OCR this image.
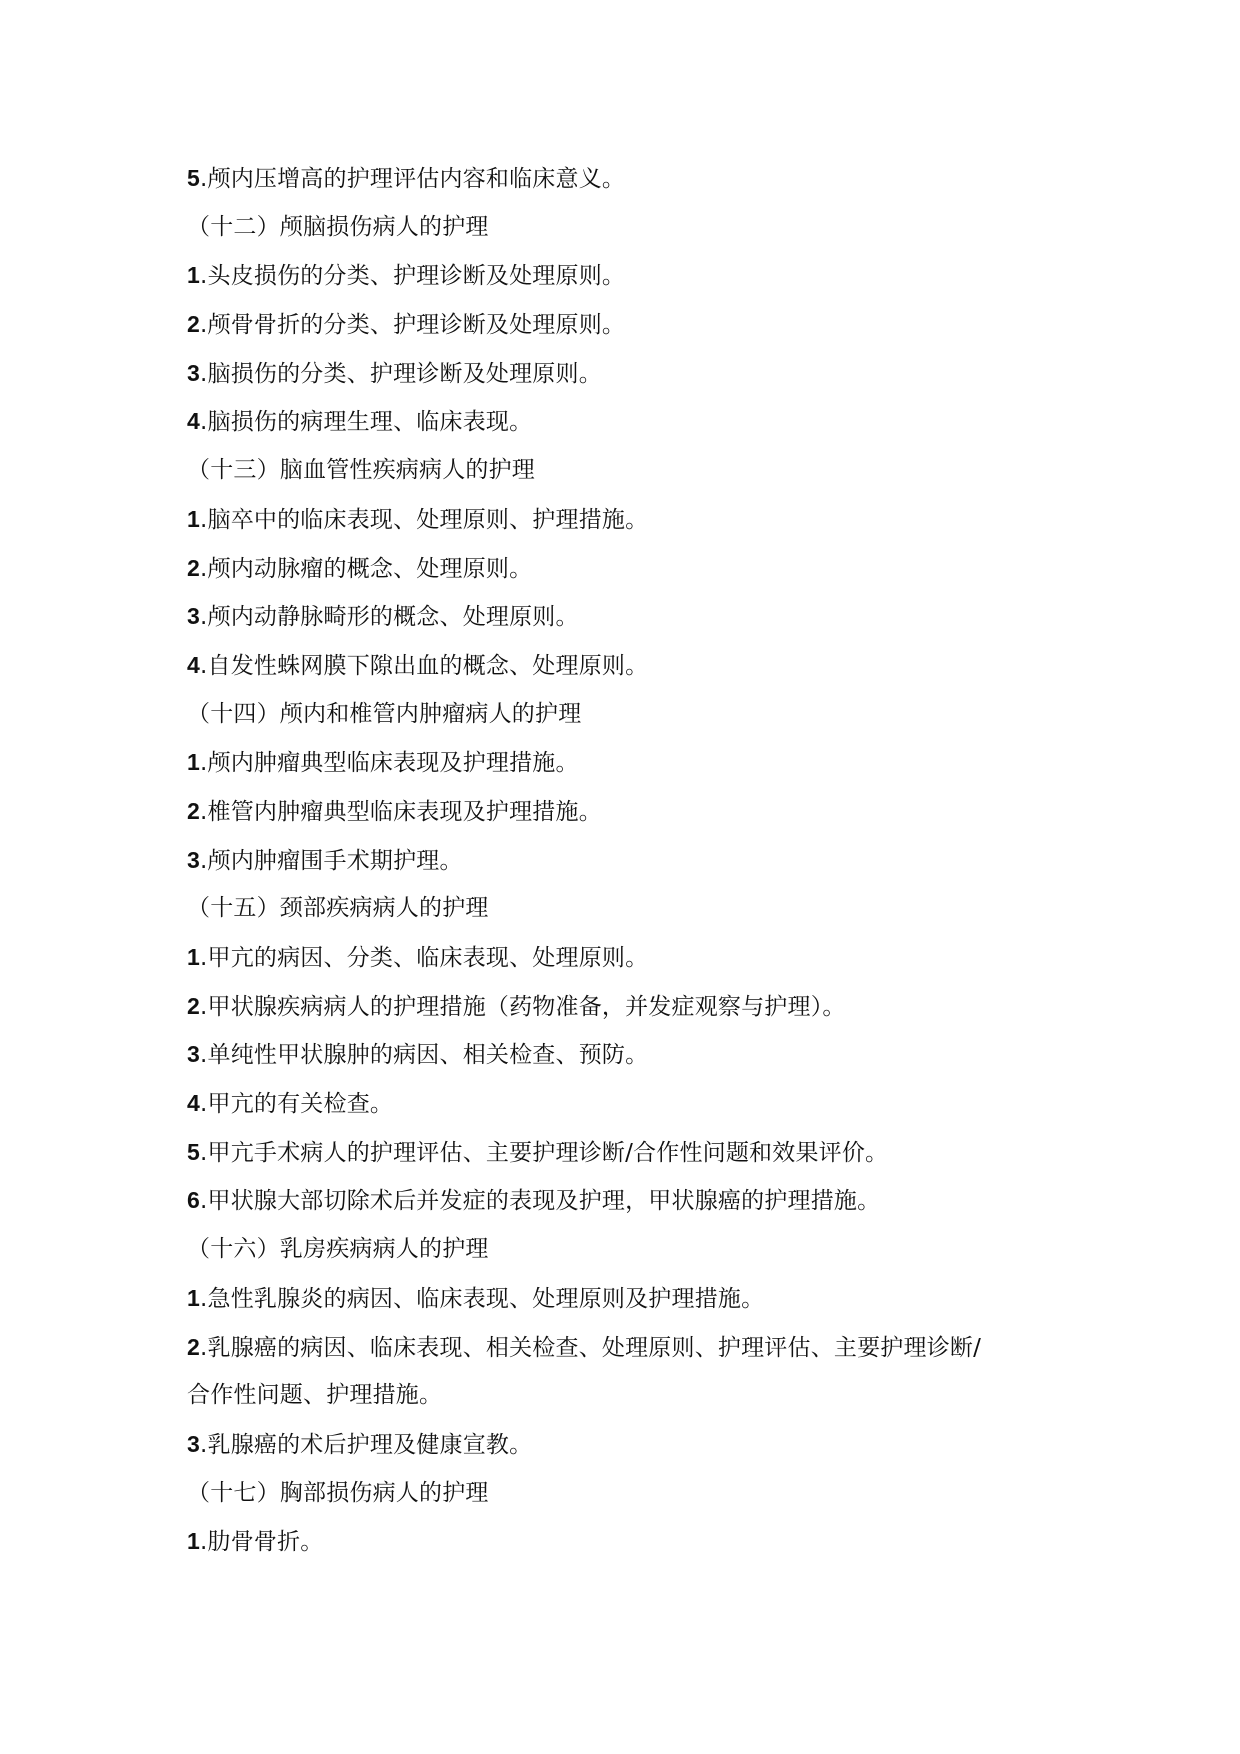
5.颅内压增高的护理评估内容和临床意义。
（十二）颅脑损伤病人的护理
1.头皮损伤的分类、护理诊断及处理原则。
2.颅骨骨折的分类、护理诊断及处理原则。
3.脑损伤的分类、护理诊断及处理原则。
4.脑损伤的病理生理、临床表现。
（十三）脑血管性疾病病人的护理
1.脑卒中的临床表现、处理原则、护理措施。
2.颅内动脉瘤的概念、处理原则。
3.颅内动静脉畸形的概念、处理原则。
4.自发性蛛网膜下隙出血的概念、处理原则。
（十四）颅内和椎管内肿瘤病人的护理
1.颅内肿瘤典型临床表现及护理措施。
2.椎管内肿瘤典型临床表现及护理措施。
3.颅内肿瘤围手术期护理。
（十五）颈部疾病病人的护理
1.甲亢的病因、分类、临床表现、处理原则。
2.甲状腺疾病病人的护理措施（药物准备，并发症观察与护理）。
3.单纯性甲状腺肿的病因、相关检查、预防。
4.甲亢的有关检查。
5.甲亢手术病人的护理评估、主要护理诊断/合作性问题和效果评价。
6.甲状腺大部切除术后并发症的表现及护理，甲状腺癌的护理措施。
（十六）乳房疾病病人的护理
1.急性乳腺炎的病因、临床表现、处理原则及护理措施。
2.乳腺癌的病因、临床表现、相关检查、处理原则、护理评估、主要护理诊断/
合作性问题、护理措施。
3.乳腺癌的术后护理及健康宣教。
（十七）胸部损伤病人的护理
1.肋骨骨折。
